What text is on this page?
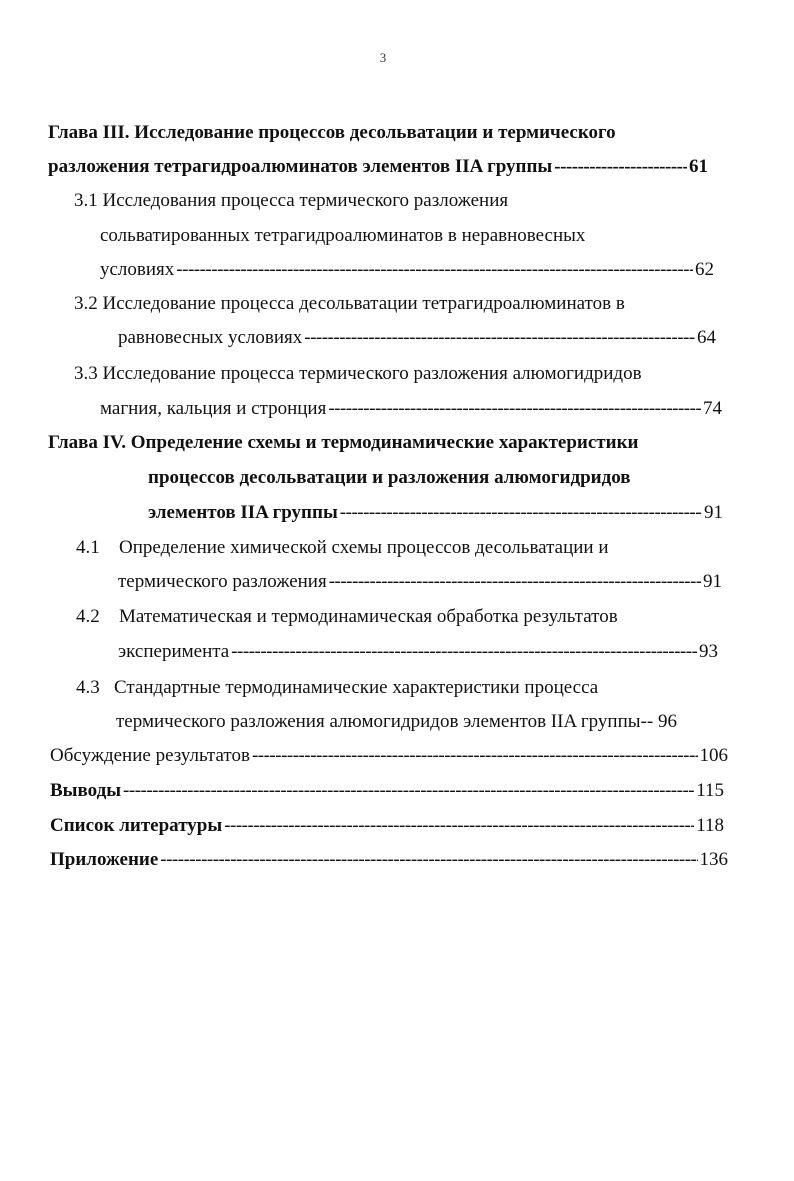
3
Глава III. Исследование процессов десольватации и термического
разложения тетрагидроалюминатов элементов IIA группы -----	61
3.1 Исследования процесса термического разложения
сольватированных тетрагидроалюминатов в неравновесных
условиях -----	62
3.2 Исследование процесса десольватации тетрагидроалюминатов в
равновесных условиях -----	64
3.3 Исследование процесса термического разложения алюмогидридов
магния, кальция и стронция -----	74
Глава IV. Определение схемы и термодинамические характеристики
процессов десольватации и разложения алюмогидридов
элементов IIA группы -----	91
4.1 Определение химической схемы процессов десольватации и
термического разложения -----	91
4.2 Математическая и термодинамическая обработка результатов
эксперимента -----	93
4.3 Стандартные термодинамические характеристики процесса
термического разложения алюмогидридов элементов IIA группы-- 96
Обсуждение результатов -----	106
Выводы -----	115
Список литературы -----	118
Приложение -----	136
